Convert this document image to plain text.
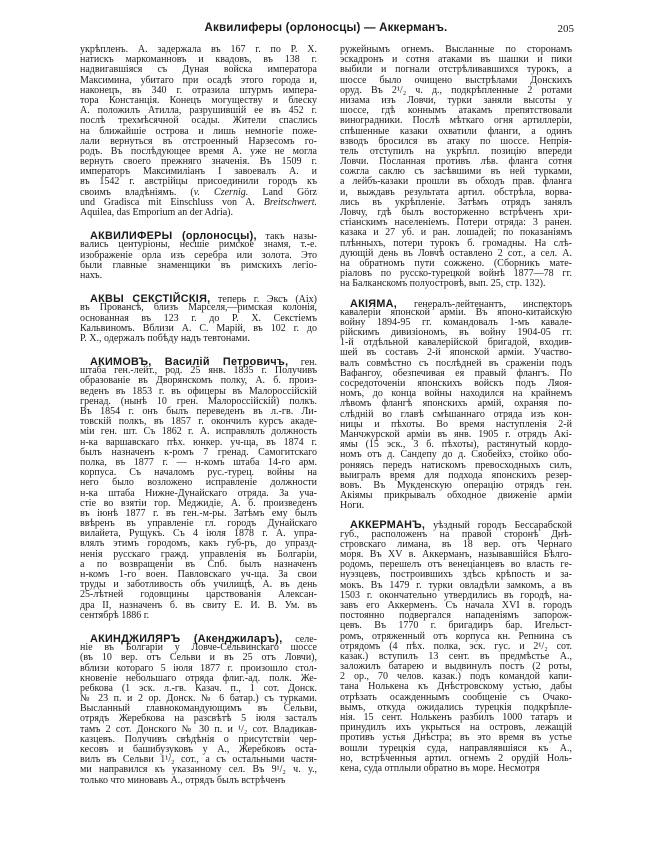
Аквилиферы (орлоносцы) — Аккерманъ.	205
укрѣпленъ. А. задержала въ 167 г. по Р. Х.
натискъ маркоманновъ и квадовъ, въ 138 г.
надвигавшіяся съ Дуная войска императора
Максимина, убитаго при осадѣ этого города и,
наконецъ, въ 340 г. отразила штурмъ импера-
тора Констанція. Конецъ могуществу и блеску
А. положилъ Атилла, разрушившій ее въ 452 г.
послѣ трехмѣсячной осады. Жители спаслись
на ближайшіе острова и лишь немногіе поже-
лали вернуться въ отстроенный Нарзесомъ го-
родъ. Въ послѣдующее время А. уже не могла
вернуть своего прежняго значенія. Въ 1509 г.
императоръ Максимиліанъ I завоевалъ А. и
въ 1542 г. австрійцы присоединили городъ къ
своимъ владѣніямъ. (v. Czernig. Land Görz
und Gradisca mit Einschluss von A. Breitschwert.
Aquilea, das Emporium an der Adria).
АКВИЛИФЕРЫ (орлоносцы), такъ назы-
вались центуріоны, несшіе римское знамя, т.-е.
изображеніе орла изъ серебра или золота. Это
были главные знаменщики въ римскихъ легіо-
нахъ.
АКВЫ СЕКСТІЙСКІЯ, теперь г. Эксъ (Aix)
въ Провансѣ, близъ Марселя,—римская колонія,
основанная въ 123 г. до Р. Х. Секстіемъ
Кальвиномъ. Вблизи А. С. Марій, въ 102 г. до
Р. Х., одержалъ побѣду надъ тевтонами.
АКИМОВЪ, Василій Петровичъ, ген.
штаба ген.-лейт., род. 25 янв. 1835 г. Получивъ
образованіе въ Дворянскомъ полку, А. б. произ-
веденъ въ 1853 г. въ офицеры въ Малороссійскій
гренад. (нынѣ 10 грен. Малороссійскій) полкъ.
Въ 1854 г. онъ былъ переведенъ въ л.-гв. Ли-
товскій полкъ, въ 1857 г. окончилъ курсъ акаде-
міи ген. шт. Съ 1862 г. А. исправлялъ должность
н-ка варшавскаго пѣх. юнкер. уч-ща, въ 1874 г.
былъ назначенъ к-ромъ 7 гренад. Самогитскаго
полка, въ 1877 г. — н-комъ штаба 14-го арм.
корпуса. Съ началомъ рус.-турец. войны на
него было возложено исправленіе должности
н-ка штаба Нижне-Дунайскаго отряда. За уча-
стіе во взятіи гор. Меджидіе, А. б. произведенъ
въ іюнѣ 1877 г. въ ген.-м-ры. Затѣмъ ему былъ
ввѣренъ въ управленіе гл. городъ Дунайскаго
вилайета, Рущукъ. Съ 4 іюля 1878 г. А. упра-
влялъ этимъ городомъ, какъ губ-ръ, до упразд-
ненія русскаго гражд. управленія въ Болгаріи,
а по возвращеніи въ Спб. былъ назначенъ
н-комъ 1-го воен. Павловскаго уч-ща. За свои
труды и заботливость объ училищѣ, А. въ день
25-лѣтней годовщины царствованія Алексан-
дра II, назначенъ б. въ свиту Е. И. В. Ум. въ
сентябрѣ 1886 г.
АКИНДЖИЛЯРЪ (Акенджиларъ), селе-
ніе въ Болгаріи у Ловче-Сельвинскаго шоссе
(въ 10 вер. отъ Сельви и въ 25 отъ Ловчи),
вблизи котораго 5 іюля 1877 г. произошло стол-
кновеніе небольшаго отряда флиг.-ад. полк. Же-
ребкова (1 эск. л.-гв. Казач. п., 1 сот. Донск.
№ 23 п. и 2 ор. Донск. № 6 батар.) съ турками.
Высланный главнокомандующимъ въ Сельви,
отрядъ Жеребкова на разсвѣтѣ 5 іюля засталъ
тамъ 2 сот. Донского № 30 п. и ¹/₂ сот. Владикав-
казцевъ. Получивъ свѣдѣнія о присутствіи чер-
кесовъ и башибузуковъ у А., Жеребковъ оста-
вилъ въ Сельви 1¹/₂ сот., а съ остальными частя-
ми направился къ указанному сел. Въ 9¹/₂ ч. у.,
только что миновавъ А., отрядъ былъ встрѣченъ
ружейнымъ огнемъ. Высланные по сторонамъ
эскадронъ и сотня атаками въ шашки и пики
выбили и погнали отстрѣливавшихся турокъ, а
шоссе было очищено выстрѣлами Донскихъ
оруд. Въ 2¹/₂ ч. д., подкрѣпленные 2 ротами
низама изъ Ловчи, турки заняли высоты у
шоссе, гдѣ коннымъ атакамъ препятствовали
виноградники. Послѣ мѣткаго огня артиллеріи,
спѣшенные казаки охватили фланги, а одинъ
взводъ бросился въ атаку по шоссе. Непрія-
тель отступилъ на укрѣпл. позицію впереди
Ловчи. Посланная противъ лѣв. фланга сотня
сожгла саклю съ засѣвшими въ ней турками,
а лейбъ-казаки прошли въ обходъ прав. фланга
и, выждавъ результата артил. обстрѣла, ворва-
лись въ укрѣпленіе. Затѣмъ отрядъ занялъ
Ловчу, гдѣ былъ восторженно встрѣченъ хри-
стіанскимъ населеніемъ. Потери отряда: 3 ранен.
казака и 27 уб. и ран. лошадей; по показаніямъ
плѣнныхъ, потери турокъ б. громадны. На слѣ-
дующій день въ Ловчѣ оставлено 2 сот., а сел. А.
на обратномъ пути сожжено. (Сборникъ мате-
ріаловъ по русско-турецкой войнѣ 1877—78 гг.
на Балканскомъ полуостровѣ, вып. 25, стр. 132).
АКІЯМА, генералъ-лейтенантъ, инспекторъ
кавалеріи японской арміи. Въ японо-китайскую
войну 1894-95 гг. командовалъ 1-мъ кавале-
рійскимъ дивизіономъ, въ войну 1904-05 гг.
1-й отдѣльной кавалерійской бригадой, входив-
шей въ составъ 2-й японской арміи. Участво-
валъ совмѣстно съ послѣдней въ сраженіи подъ
Вафангоу, обезпечивая ея правый флангъ. По
сосредоточеніи японскихъ войскъ подъ Ляоя-
номъ, до конца войны находился на крайнемъ
лѣвомъ флангѣ японскихъ армій, охраняя по-
слѣдній во главѣ смѣшаннаго отряда изъ кон-
ницы и пѣхоты. Во время наступленія 2-й
Манчжурской арміи въ янв. 1905 г. отрядъ Акі-
ямы (15 эск., 3 б. пѣхоты), растянутый кордо-
номъ отъ д. Сандепу до д. Сяобейхэ, стойко обо-
роняясь передъ натискомъ превосходныхъ силъ,
выигралъ время для подхода японскихъ резер-
вовъ. Въ Мукденскую операцію отрядъ ген.
Акіямы прикрывалъ обходное движеніе арміи
Ноги.
АККЕРМАНЪ, уѣздный городъ Бессарабской
губ., расположенъ на правой сторонѣ Днѣ-
стровскаго лимана, въ 18 вер. отъ Чернаго
моря. Въ XV в. Аккерманъ, называвшійся Бѣлго-
родомъ, перешелъ отъ венеціанцевъ во власть ге-
нуэзцевъ, построившихъ здѣсь крѣпость и за-
мокъ. Въ 1479 г. турки овладѣли замкомъ, а въ
1503 г. окончательно утвердились въ городѣ, на-
завъ его Аккерменъ. Съ начала XVI в. городъ
постоянно подвергался нападеніямъ запорож-
цевъ. Въ 1770 г. бригадиръ бар. Игельст-
ромъ, отряженный отъ корпуса кн. Репнина съ
отрядомъ (4 пѣх. полка, эск. гус. и 2¹/₂ сот.
казак.) вступилъ 13 сент. въ предмѣстье А.,
заложилъ батарею и выдвинулъ постъ (2 роты,
2 ор., 70 челов. казак.) подъ командой капи-
тана Нолькена къ Днѣстровскому устью, дабы
отрѣзать осажденнымъ сообщеніе съ Очако-
вымъ, откуда ожидались турецкія подкрѣпле-
нія. 15 сент. Нолькенъ разбилъ 1000 татаръ и
принудилъ ихъ укрыться на островъ, лежащій
противъ устья Днѣстра; въ это время въ устье
вошли турецкія суда, направлявшіяся къ А.,
но, встрѣченныя артил. огнемъ 2 орудій Ноль-
кена, суда отплыли обратно въ море. Несмотря
